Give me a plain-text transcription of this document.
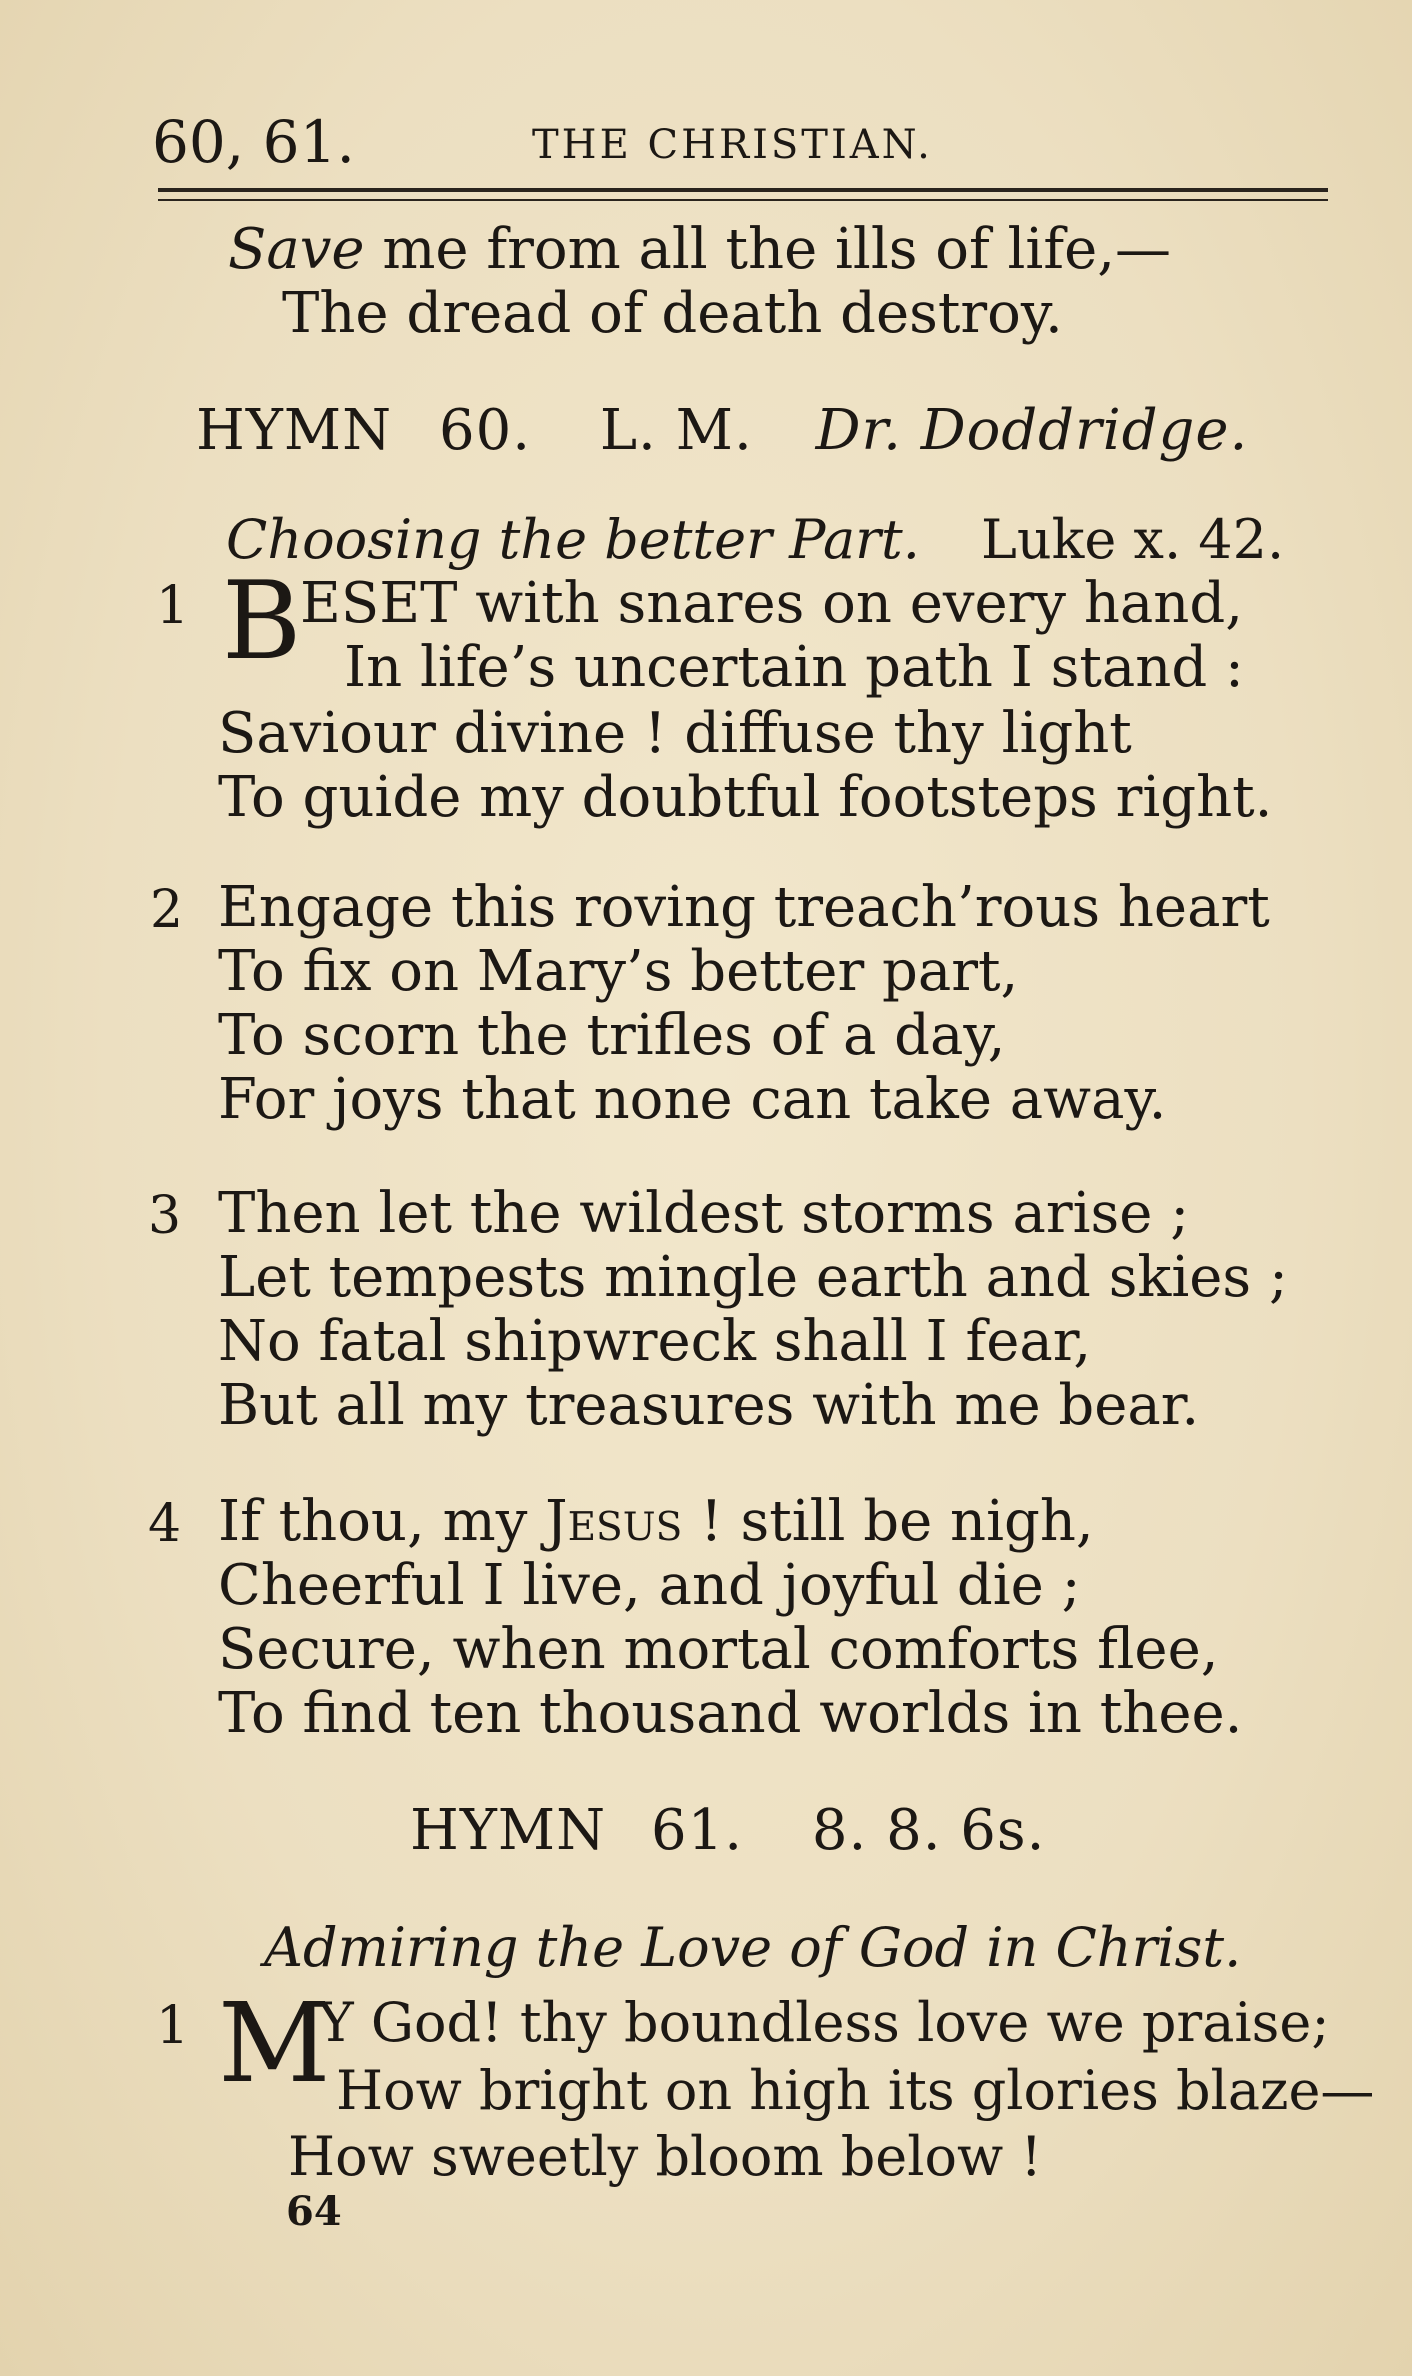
60, 61.	THE CHRISTIAN.
Save me from all the ills of life,—
The dread of death destroy.
HYMN 60. L. M. Dr. Doddridge.
Choosing the better Part. Luke x. 42.
1 B
ESET with snares on every hand,
In life’s uncertain path I stand :
Saviour divine ! diffuse thy light
To guide my doubtful footsteps right.
2 Engage this roving treach’rous heart
To fix on Mary’s better part,
To scorn the trifles of a day,
For joys that none can take away.
3 Then let the wildest storms arise ;
Let tempests mingle earth and skies ;
No fatal shipwreck shall I fear,
But all my treasures with me bear.
4 If thou, my Jesus ! still be nigh,
Cheerful I live, and joyful die ;
Secure, when mortal comforts flee,
To find ten thousand worlds in thee.
HYMN 61. 8. 8. 6s.
Admiring the Love of God in Christ.
1 M
Y God! thy boundless love we praise;
How bright on high its glories blaze—
How sweetly bloom below !
64
